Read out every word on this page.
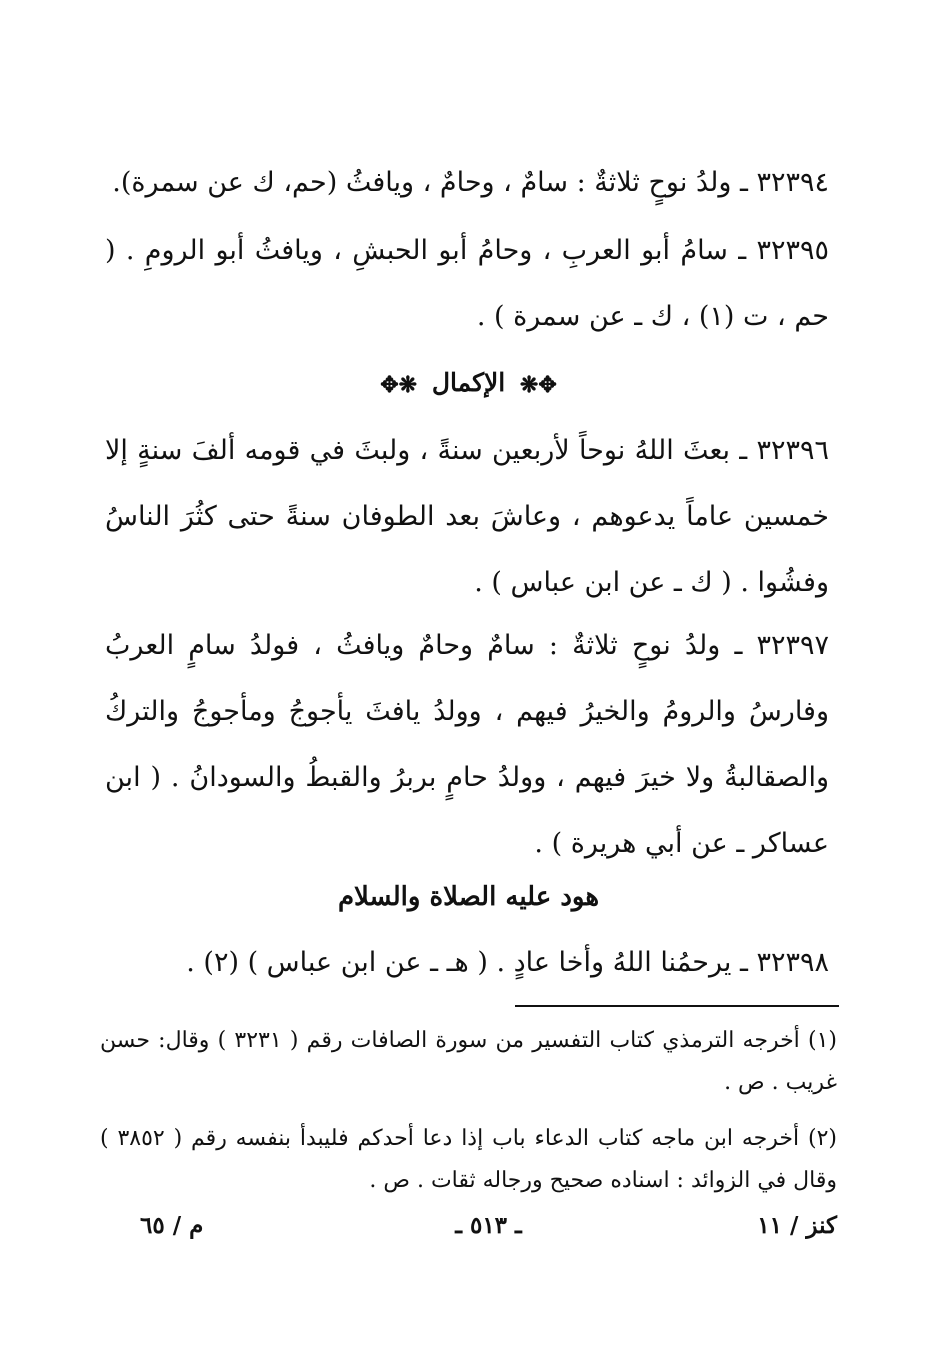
٣٢٣٩٤ ـ ولدُ نوحٍ ثلاثةٌ : سامٌ ، وحامٌ ، ويافثُ (حم، ك عن سمرة).

٣٢٣٩٥ ـ سامُ أبو العربِ ، وحامُ أبو الحبشِ ، ويافثُ أبو الرومِ . ( حم ، ت (١) ، ك ـ عن سمرة ) .

✥❋ الإكمال ❋✥

٣٢٣٩٦ ـ بعثَ اللهُ نوحاً لأربعين سنةً ، ولبثَ في قومه ألفَ سنةٍ إلا خمسين عاماً يدعوهم ، وعاشَ بعد الطوفان سنةً حتى كثُرَ الناسُ وفشُوا . ( ك ـ عن ابن عباس ) .

٣٢٣٩٧ ـ ولدُ نوحٍ ثلاثةٌ : سامٌ وحامٌ ويافثُ ، فولدُ سامٍ العربُ وفارسُ والرومُ والخيرُ فيهم ، وولدُ يافثَ يأجوجُ ومأجوجُ والتركُ والصقالبةُ ولا خيرَ فيهم ، وولدُ حامٍ بربرُ والقبطُ والسودانُ . ( ابن عساكر ـ عن أبي هريرة ) .

هود عليه الصلاة والسلام

٣٢٣٩٨ ـ يرحمُنا اللهُ وأخا عادٍ . ( هـ ـ عن ابن عباس ) (٢) .

(١) أخرجه الترمذي كتاب التفسير من سورة الصافات رقم ( ٣٢٣١ ) وقال: حسن غريب . ص .

(٢) أخرجه ابن ماجه كتاب الدعاء باب إذا دعا أحدكم فليبدأ بنفسه رقم ( ٣٨٥٢ ) وقال في الزوائد : اسناده صحيح ورجاله ثقات . ص .

كنز / ١١
ـ ٥١٣ ـ
م / ٦٥
